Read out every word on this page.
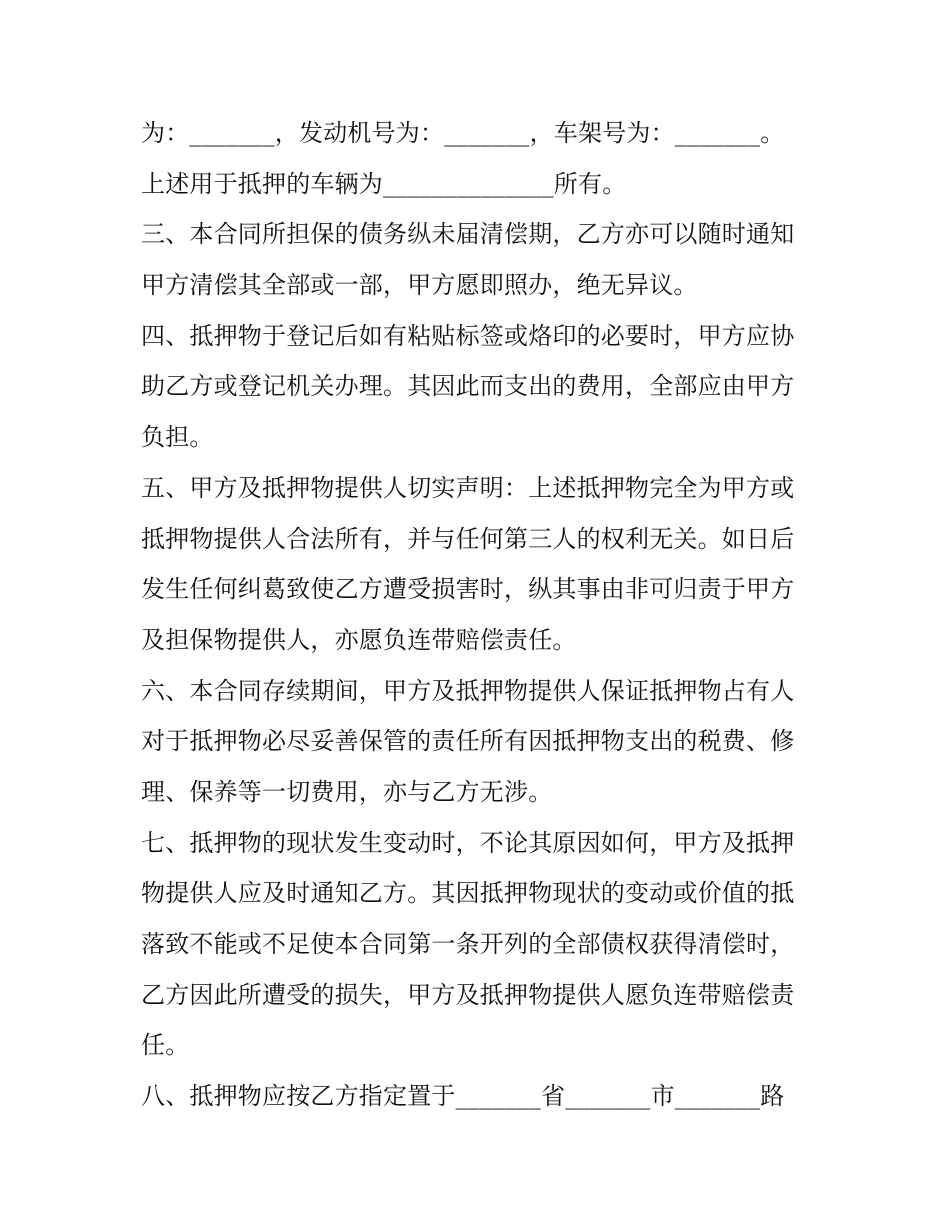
为：_______，发动机号为：_______，车架号为：_______。
上述用于抵押的车辆为______________所有。
三、本合同所担保的债务纵未届清偿期，乙方亦可以随时通知
甲方清偿其全部或一部，甲方愿即照办，绝无异议。
四、抵押物于登记后如有粘贴标签或烙印的必要时，甲方应协
助乙方或登记机关办理。其因此而支出的费用，全部应由甲方
负担。
五、甲方及抵押物提供人切实声明：上述抵押物完全为甲方或
抵押物提供人合法所有，并与任何第三人的权利无关。如日后
发生任何纠葛致使乙方遭受损害时，纵其事由非可归责于甲方
及担保物提供人，亦愿负连带赔偿责任。
六、本合同存续期间，甲方及抵押物提供人保证抵押物占有人
对于抵押物必尽妥善保管的责任所有因抵押物支出的税费、修
理、保养等一切费用，亦与乙方无涉。
七、抵押物的现状发生变动时，不论其原因如何，甲方及抵押
物提供人应及时通知乙方。其因抵押物现状的变动或价值的抵
落致不能或不足使本合同第一条开列的全部债权获得清偿时，
乙方因此所遭受的损失，甲方及抵押物提供人愿负连带赔偿责
任。
八、抵押物应按乙方指定置于_______省_______市_______路
